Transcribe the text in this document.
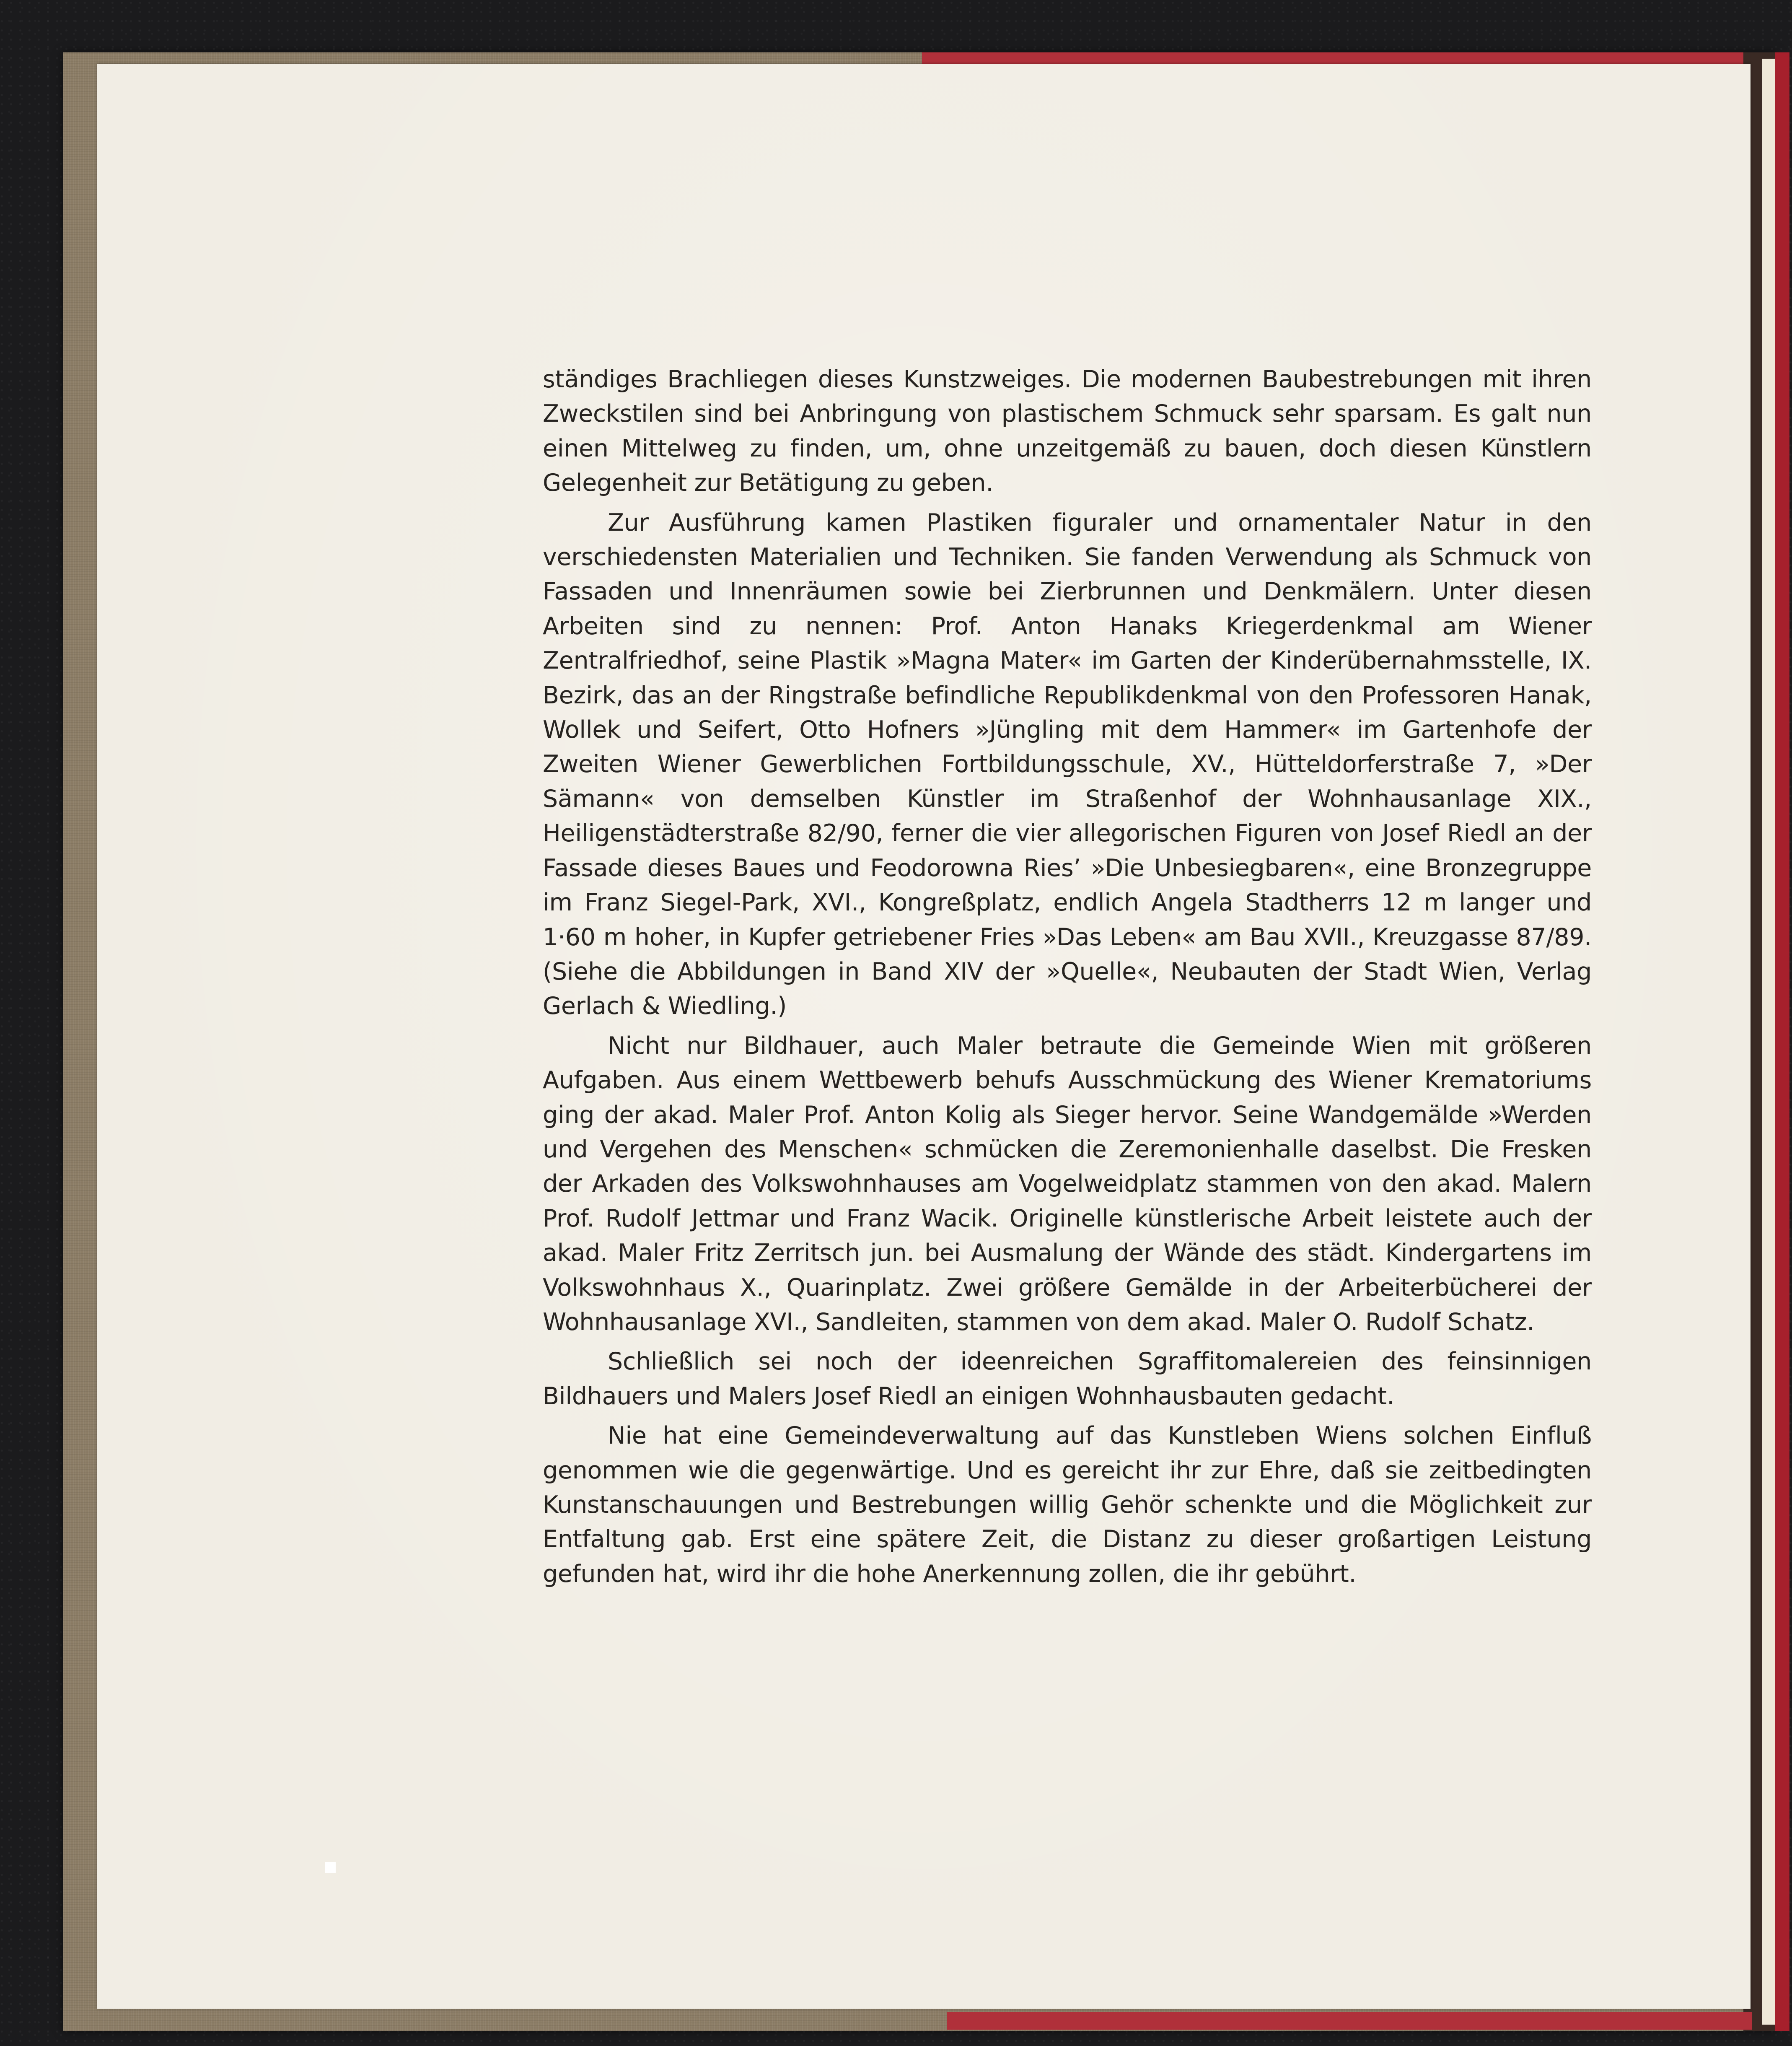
ständiges Brachliegen dieses Kunstzweiges. Die modernen Baubestrebungen mit ihren Zweckstilen sind bei Anbringung von plastischem Schmuck sehr sparsam. Es galt nun einen Mittelweg zu finden, um, ohne unzeitgemäß zu bauen, doch diesen Künstlern Gelegenheit zur Betätigung zu geben.

Zur Ausführung kamen Plastiken figuraler und ornamentaler Natur in den verschiedensten Materialien und Techniken. Sie fanden Verwendung als Schmuck von Fassaden und Innenräumen sowie bei Zierbrunnen und Denkmälern. Unter diesen Arbeiten sind zu nennen: Prof. Anton Hanaks Kriegerdenkmal am Wiener Zentralfriedhof, seine Plastik »Magna Mater« im Garten der Kinderübernahmsstelle, IX. Bezirk, das an der Ringstraße befindliche Republikdenkmal von den Professoren Hanak, Wollek und Seifert, Otto Hofners »Jüngling mit dem Hammer« im Gartenhofe der Zweiten Wiener Gewerblichen Fortbildungsschule, XV., Hütteldorferstraße 7, »Der Sämann« von demselben Künstler im Straßenhof der Wohnhausanlage XIX., Heiligenstädterstraße 82/90, ferner die vier allegorischen Figuren von Josef Riedl an der Fassade dieses Baues und Feodorowna Ries’ »Die Unbesiegbaren«, eine Bronzegruppe im Franz Siegel-Park, XVI., Kongreßplatz, endlich Angela Stadtherrs 12 m langer und 1·60 m hoher, in Kupfer getriebener Fries »Das Leben« am Bau XVII., Kreuzgasse 87/89. (Siehe die Abbildungen in Band XIV der »Quelle«, Neubauten der Stadt Wien, Verlag Gerlach & Wiedling.)

Nicht nur Bildhauer, auch Maler betraute die Gemeinde Wien mit größeren Aufgaben. Aus einem Wettbewerb behufs Ausschmückung des Wiener Krematoriums ging der akad. Maler Prof. Anton Kolig als Sieger hervor. Seine Wandgemälde »Werden und Vergehen des Menschen« schmücken die Zeremonienhalle daselbst. Die Fresken der Arkaden des Volkswohnhauses am Vogelweidplatz stammen von den akad. Malern Prof. Rudolf Jettmar und Franz Wacik. Originelle künstlerische Arbeit leistete auch der akad. Maler Fritz Zerritsch jun. bei Ausmalung der Wände des städt. Kindergartens im Volkswohnhaus X., Quarinplatz. Zwei größere Gemälde in der Arbeiterbücherei der Wohnhausanlage XVI., Sandleiten, stammen von dem akad. Maler O. Rudolf Schatz.

Schließlich sei noch der ideenreichen Sgraffitomalereien des feinsinnigen Bildhauers und Malers Josef Riedl an einigen Wohnhausbauten gedacht.

Nie hat eine Gemeindeverwaltung auf das Kunstleben Wiens solchen Einfluß genommen wie die gegenwärtige. Und es gereicht ihr zur Ehre, daß sie zeitbedingten Kunstanschauungen und Bestrebungen willig Gehör schenkte und die Möglichkeit zur Entfaltung gab. Erst eine spätere Zeit, die Distanz zu dieser großartigen Leistung gefunden hat, wird ihr die hohe Anerkennung zollen, die ihr gebührt.
